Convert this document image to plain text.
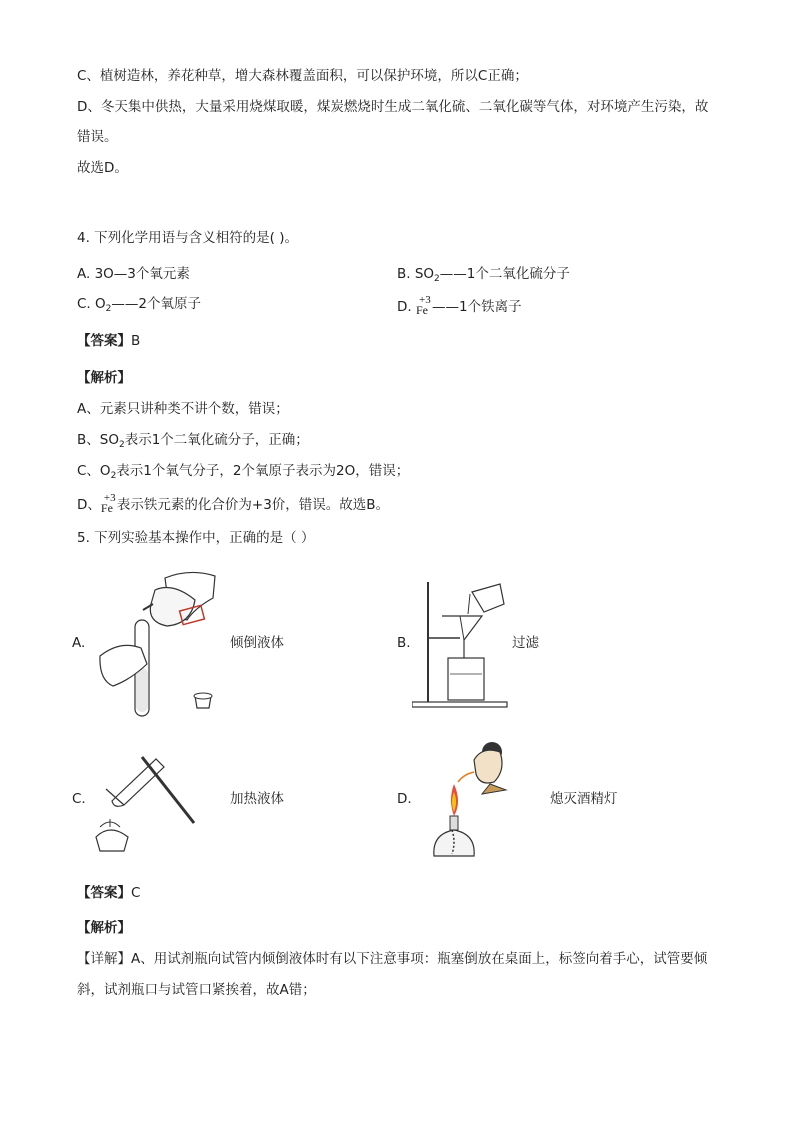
C、植树造林，养花种草，增大森林覆盖面积，可以保护环境，所以C正确；
D、冬天集中供热，大量采用烧煤取暖，煤炭燃烧时生成二氧化硫、二氧化碳等气体，对环境产生污染，故
错误。
故选D。
4. 下列化学用语与含义相符的是( )。
A. 3O—3个氧元素	B. $SO_2——1$个二氧化硫分子
C. $O_2——2$个氧原子	D. +3
Fe ——1个铁离子
【答案】B
【解析】
A、元素只讲种类不讲个数，错误；
B、$SO_2$表示1个二氧化硫分子，正确；
C、$O_2$表示1个氧气分子，2个氧原子表示为2O，错误；
D、 +3
Fe 表示铁元素的化合价为+3价，错误。故选B。
5. 下列实验基本操作中，正确的是（ ）
A.	倾倒液体	B.	过滤
C.	加热液体	D.	熄灭酒精灯
【答案】C
【解析】
【详解】A、用试剂瓶向试管内倾倒液体时有以下注意事项：瓶塞倒放在桌面上，标签向着手心，试管要倾
斜，试剂瓶口与试管口紧挨着，故A错；
